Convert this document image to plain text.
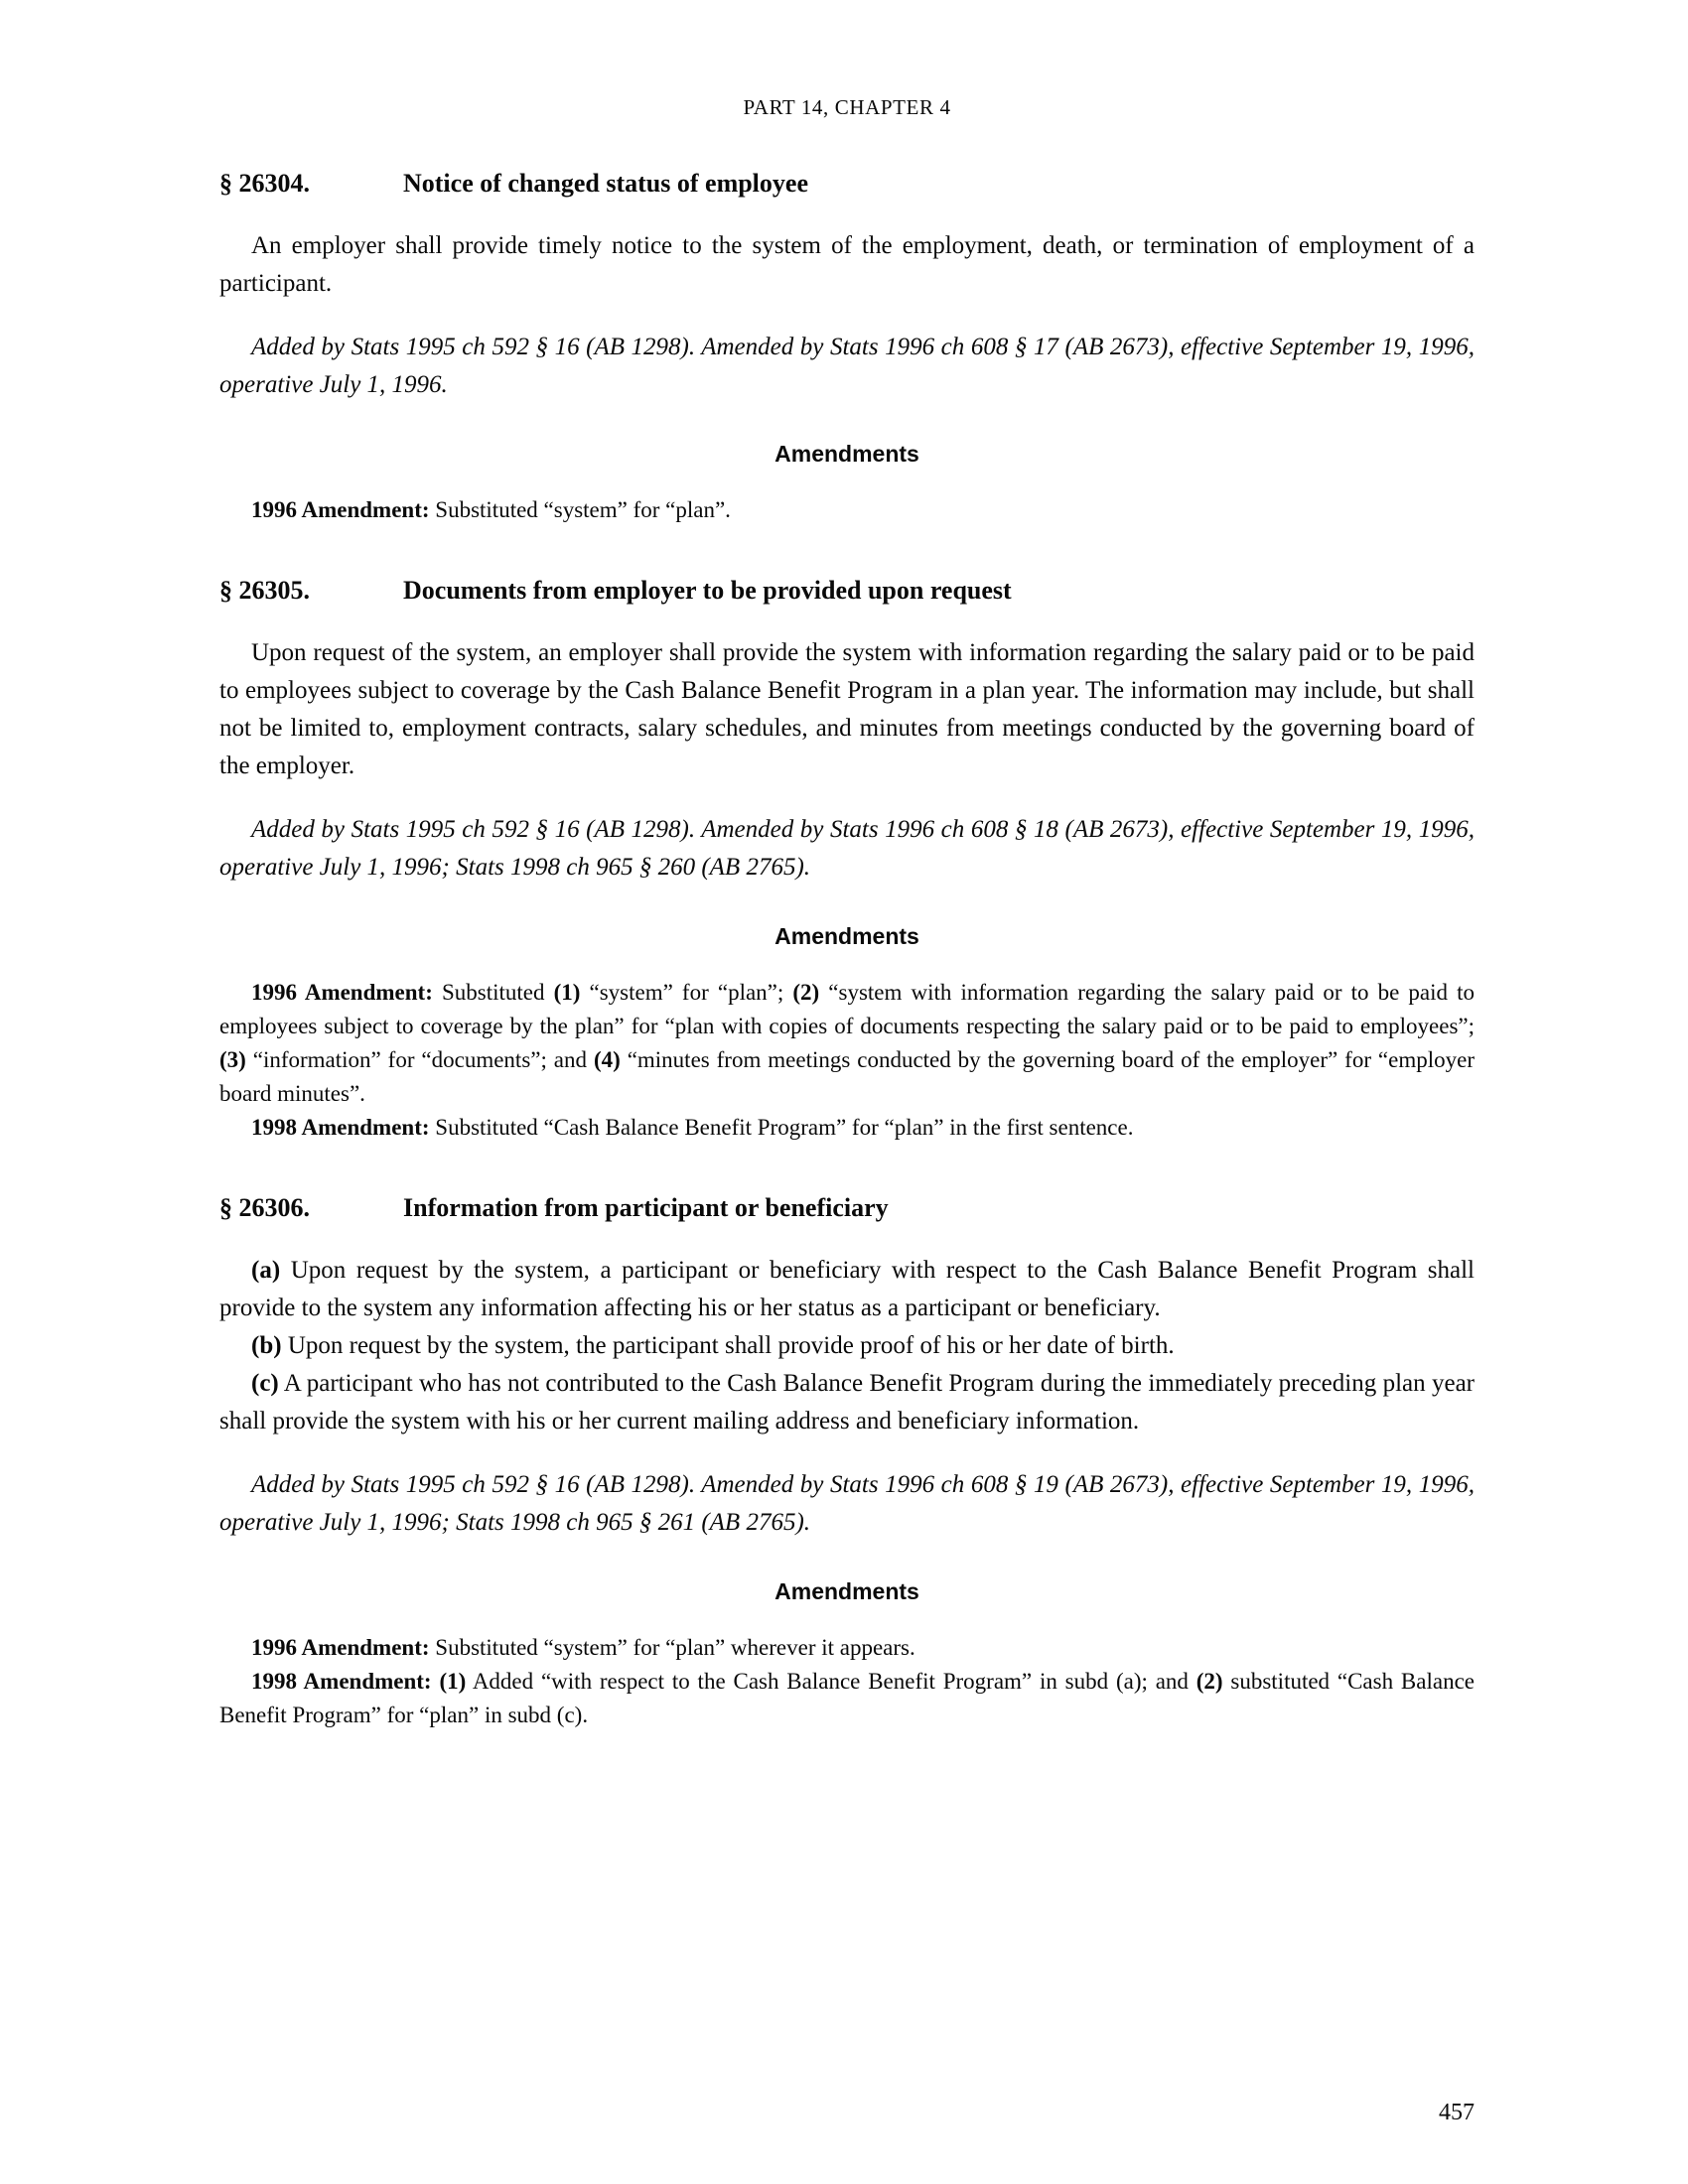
PART 14, CHAPTER 4
§ 26304.	Notice of changed status of employee

An employer shall provide timely notice to the system of the employment, death, or termination of employment of a participant.

Added by Stats 1995 ch 592 § 16 (AB 1298). Amended by Stats 1996 ch 608 § 17 (AB 2673), effective September 19, 1996, operative July 1, 1996.

Amendments

1996 Amendment: Substituted “system” for “plan”.

§ 26305.	Documents from employer to be provided upon request

Upon request of the system, an employer shall provide the system with information regarding the salary paid or to be paid to employees subject to coverage by the Cash Balance Benefit Program in a plan year. The information may include, but shall not be limited to, employment contracts, salary schedules, and minutes from meetings conducted by the governing board of the employer.

Added by Stats 1995 ch 592 § 16 (AB 1298). Amended by Stats 1996 ch 608 § 18 (AB 2673), effective September 19, 1996, operative July 1, 1996; Stats 1998 ch 965 § 260 (AB 2765).

Amendments

1996 Amendment: Substituted (1) “system” for “plan”; (2) “system with information regarding the salary paid or to be paid to employees subject to coverage by the plan” for “plan with copies of documents respecting the salary paid or to be paid to employees”; (3) “information” for “documents”; and (4) “minutes from meetings conducted by the governing board of the employer” for “employer board minutes”.

1998 Amendment: Substituted “Cash Balance Benefit Program” for “plan” in the first sentence.

§ 26306.	Information from participant or beneficiary

(a) Upon request by the system, a participant or beneficiary with respect to the Cash Balance Benefit Program shall provide to the system any information affecting his or her status as a participant or beneficiary.

(b) Upon request by the system, the participant shall provide proof of his or her date of birth.

(c) A participant who has not contributed to the Cash Balance Benefit Program during the immediately preceding plan year shall provide the system with his or her current mailing address and beneficiary information.

Added by Stats 1995 ch 592 § 16 (AB 1298). Amended by Stats 1996 ch 608 § 19 (AB 2673), effective September 19, 1996, operative July 1, 1996; Stats 1998 ch 965 § 261 (AB 2765).

Amendments

1996 Amendment: Substituted “system” for “plan” wherever it appears.

1998 Amendment: (1) Added “with respect to the Cash Balance Benefit Program” in subd (a); and (2) substituted “Cash Balance Benefit Program” for “plan” in subd (c).

457
